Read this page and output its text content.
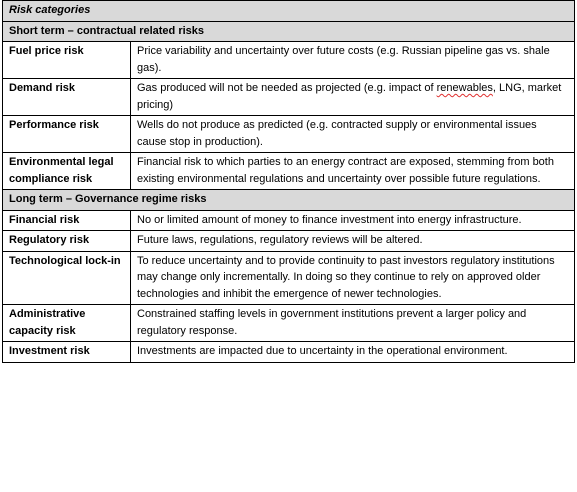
Risk categories	
Short term – contractual related risks	
Fuel price risk	Price variability and uncertainty over future costs (e.g. Russian pipeline gas vs. shale gas).
Demand risk	Gas produced will not be needed as projected (e.g. impact of renewables, LNG, market pricing)
Performance risk	Wells do not produce as predicted (e.g. contracted supply or environmental issues cause stop in production).
Environmental legal compliance risk	Financial risk to which parties to an energy contract are exposed, stemming from both existing environmental regulations and uncertainty over possible future regulations.
Long term – Governance regime risks	
Financial risk	No or limited amount of money to finance investment into energy infrastructure.
Regulatory risk	Future laws, regulations, regulatory reviews will be altered.
Technological lock-in	To reduce uncertainty and to provide continuity to past investors regulatory institutions may change only incrementally. In doing so they continue to rely on approved older technologies and inhibit the emergence of newer technologies.
Administrative capacity risk	Constrained staffing levels in government institutions prevent a larger policy and regulatory response.
Investment risk	Investments are impacted due to uncertainty in the operational environment.
